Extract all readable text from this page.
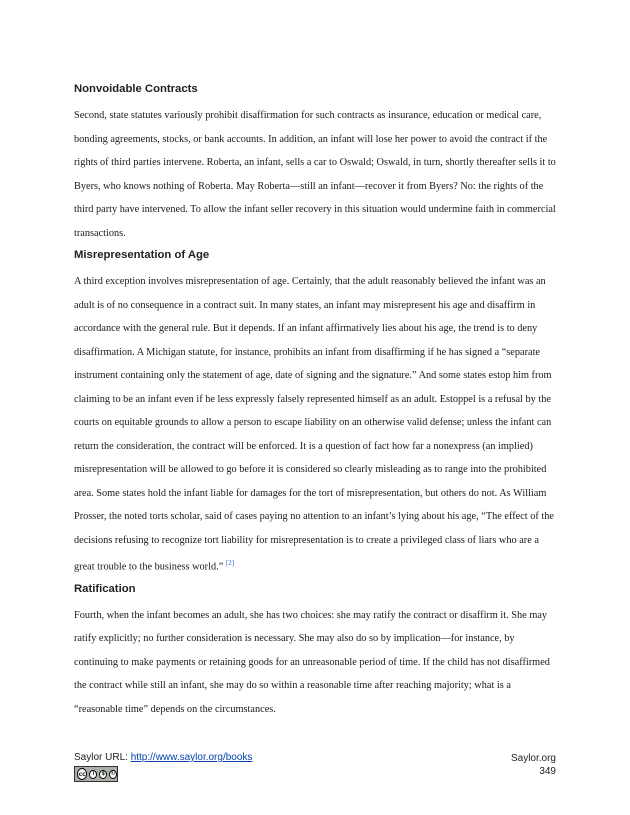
Nonvoidable Contracts

Second, state statutes variously prohibit disaffirmation for such contracts as insurance, education or medical care, bonding agreements, stocks, or bank accounts. In addition, an infant will lose her power to avoid the contract if the rights of third parties intervene. Roberta, an infant, sells a car to Oswald; Oswald, in turn, shortly thereafter sells it to Byers, who knows nothing of Roberta. May Roberta—still an infant—recover it from Byers? No: the rights of the third party have intervened. To allow the infant seller recovery in this situation would undermine faith in commercial transactions.

Misrepresentation of Age

A third exception involves misrepresentation of age. Certainly, that the adult reasonably believed the infant was an adult is of no consequence in a contract suit. In many states, an infant may misrepresent his age and disaffirm in accordance with the general rule. But it depends. If an infant affirmatively lies about his age, the trend is to deny disaffirmation. A Michigan statute, for instance, prohibits an infant from disaffirming if he has signed a “separate instrument containing only the statement of age, date of signing and the signature.” And some states estop him from claiming to be an infant even if he less expressly falsely represented himself as an adult. Estoppel is a refusal by the courts on equitable grounds to allow a person to escape liability on an otherwise valid defense; unless the infant can return the consideration, the contract will be enforced. It is a question of fact how far a nonexpress (an implied) misrepresentation will be allowed to go before it is considered so clearly misleading as to range into the prohibited area. Some states hold the infant liable for damages for the tort of misrepresentation, but others do not. As William Prosser, the noted torts scholar, said of cases paying no attention to an infant’s lying about his age, “The effect of the decisions refusing to recognize tort liability for misrepresentation is to create a privileged class of liars who are a great trouble to the business world.” [2]

Ratification

Fourth, when the infant becomes an adult, she has two choices: she may ratify the contract or disaffirm it. She may ratify explicitly; no further consideration is necessary. She may also do so by implication—for instance, by continuing to make payments or retaining goods for an unreasonable period of time. If the child has not disaffirmed the contract while still an infant, she may do so within a reasonable time after reaching majority; what is a “reasonable time” depends on the circumstances.

Saylor URL: http://www.saylor.org/books
cc	i	$	↻
Saylor.org
349
